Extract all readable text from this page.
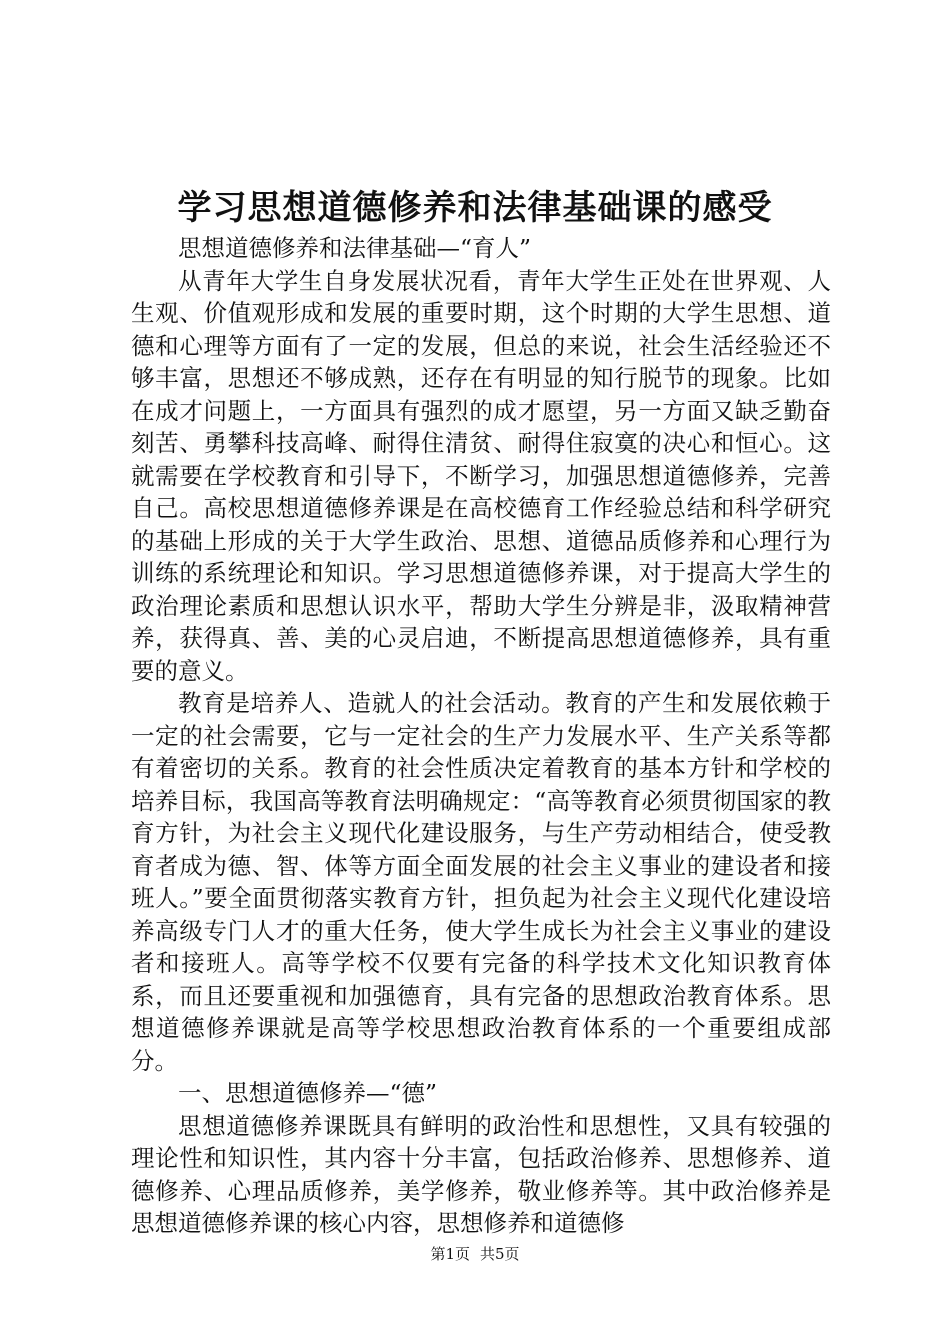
学习思想道德修养和法律基础课的感受

思想道德修养和法律基础—“育人”

从青年大学生自身发展状况看，青年大学生正处在世界观、人生观、价值观形成和发展的重要时期，这个时期的大学生思想、道德和心理等方面有了一定的发展，但总的来说，社会生活经验还不够丰富，思想还不够成熟，还存在有明显的知行脱节的现象。比如在成才问题上，一方面具有强烈的成才愿望，另一方面又缺乏勤奋刻苦、勇攀科技高峰、耐得住清贫、耐得住寂寞的决心和恒心。这就需要在学校教育和引导下，不断学习，加强思想道德修养，完善自己。高校思想道德修养课是在高校德育工作经验总结和科学研究的基础上形成的关于大学生政治、思想、道德品质修养和心理行为训练的系统理论和知识。学习思想道德修养课，对于提高大学生的政治理论素质和思想认识水平，帮助大学生分辨是非，汲取精神营养，获得真、善、美的心灵启迪，不断提高思想道德修养，具有重要的意义。

教育是培养人、造就人的社会活动。教育的产生和发展依赖于一定的社会需要，它与一定社会的生产力发展水平、生产关系等都有着密切的关系。教育的社会性质决定着教育的基本方针和学校的培养目标，我国高等教育法明确规定：“高等教育必须贯彻国家的教育方针，为社会主义现代化建设服务，与生产劳动相结合，使受教育者成为德、智、体等方面全面发展的社会主义事业的建设者和接班人。”要全面贯彻落实教育方针，担负起为社会主义现代化建设培养高级专门人才的重大任务，使大学生成长为社会主义事业的建设者和接班人。高等学校不仅要有完备的科学技术文化知识教育体系，而且还要重视和加强德育，具有完备的思想政治教育体系。思想道德修养课就是高等学校思想政治教育体系的一个重要组成部分。

一、思想道德修养—“德”

思想道德修养课既具有鲜明的政治性和思想性，又具有较强的理论性和知识性，其内容十分丰富，包括政治修养、思想修养、道德修养、心理品质修养，美学修养，敬业修养等。其中政治修养是思想道德修养课的核心内容，思想修养和道德修

第1页 共5页
